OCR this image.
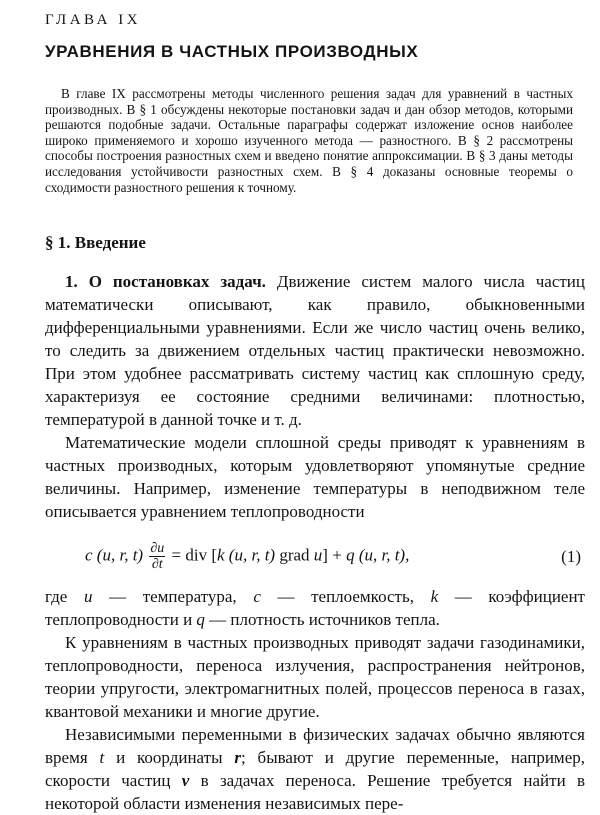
ГЛАВА IX
УРАВНЕНИЯ В ЧАСТНЫХ ПРОИЗВОДНЫХ

В главе IX рассмотрены методы численного решения задач для уравнений в частных производных. В § 1 обсуждены некоторые постановки задач и дан обзор методов, которыми решаются подобные задачи. Остальные параграфы содержат изложение основ наиболее широко применяемого и хорошо изученного метода — разностного. В § 2 рассмотрены способы построения разностных схем и введено понятие аппроксимации. В § 3 даны методы исследования устойчивости разностных схем. В § 4 доказаны основные теоремы о сходимости разностного решения к точному.

§ 1. Введение

1. О постановках задач. Движение систем малого числа частиц математически описывают, как правило, обыкновенными дифференциальными уравнениями. Если же число частиц очень велико, то следить за движением отдельных частиц практически невозможно. При этом удобнее рассматривать систему частиц как сплошную среду, характеризуя ее состояние средними величинами: плотностью, температурой в данной точке и т. д.

Математические модели сплошной среды приводят к уравнениям в частных производных, которым удовлетворяют упомянутые средние величины. Например, изменение температуры в неподвижном теле описывается уравнением теплопроводности

c (u, r, $t) \frac{\partial u}{\partial t}$ = div [k (u, r, t) grad u] + q (u, r, t),	(1)

где u — температура, c — теплоемкость, k — коэффициент теплопроводности и q — плотность источников тепла.

К уравнениям в частных производных приводят задачи газодинамики, теплопроводности, переноса излучения, распространения нейтронов, теории упругости, электромагнитных полей, процессов переноса в газах, квантовой механики и многие другие.

Независимыми переменными в физических задачах обычно являются время t и координаты r; бывают и другие переменные, например, скорости частиц v в задачах переноса. Решение требуется найти в некоторой области изменения независимых пере-
